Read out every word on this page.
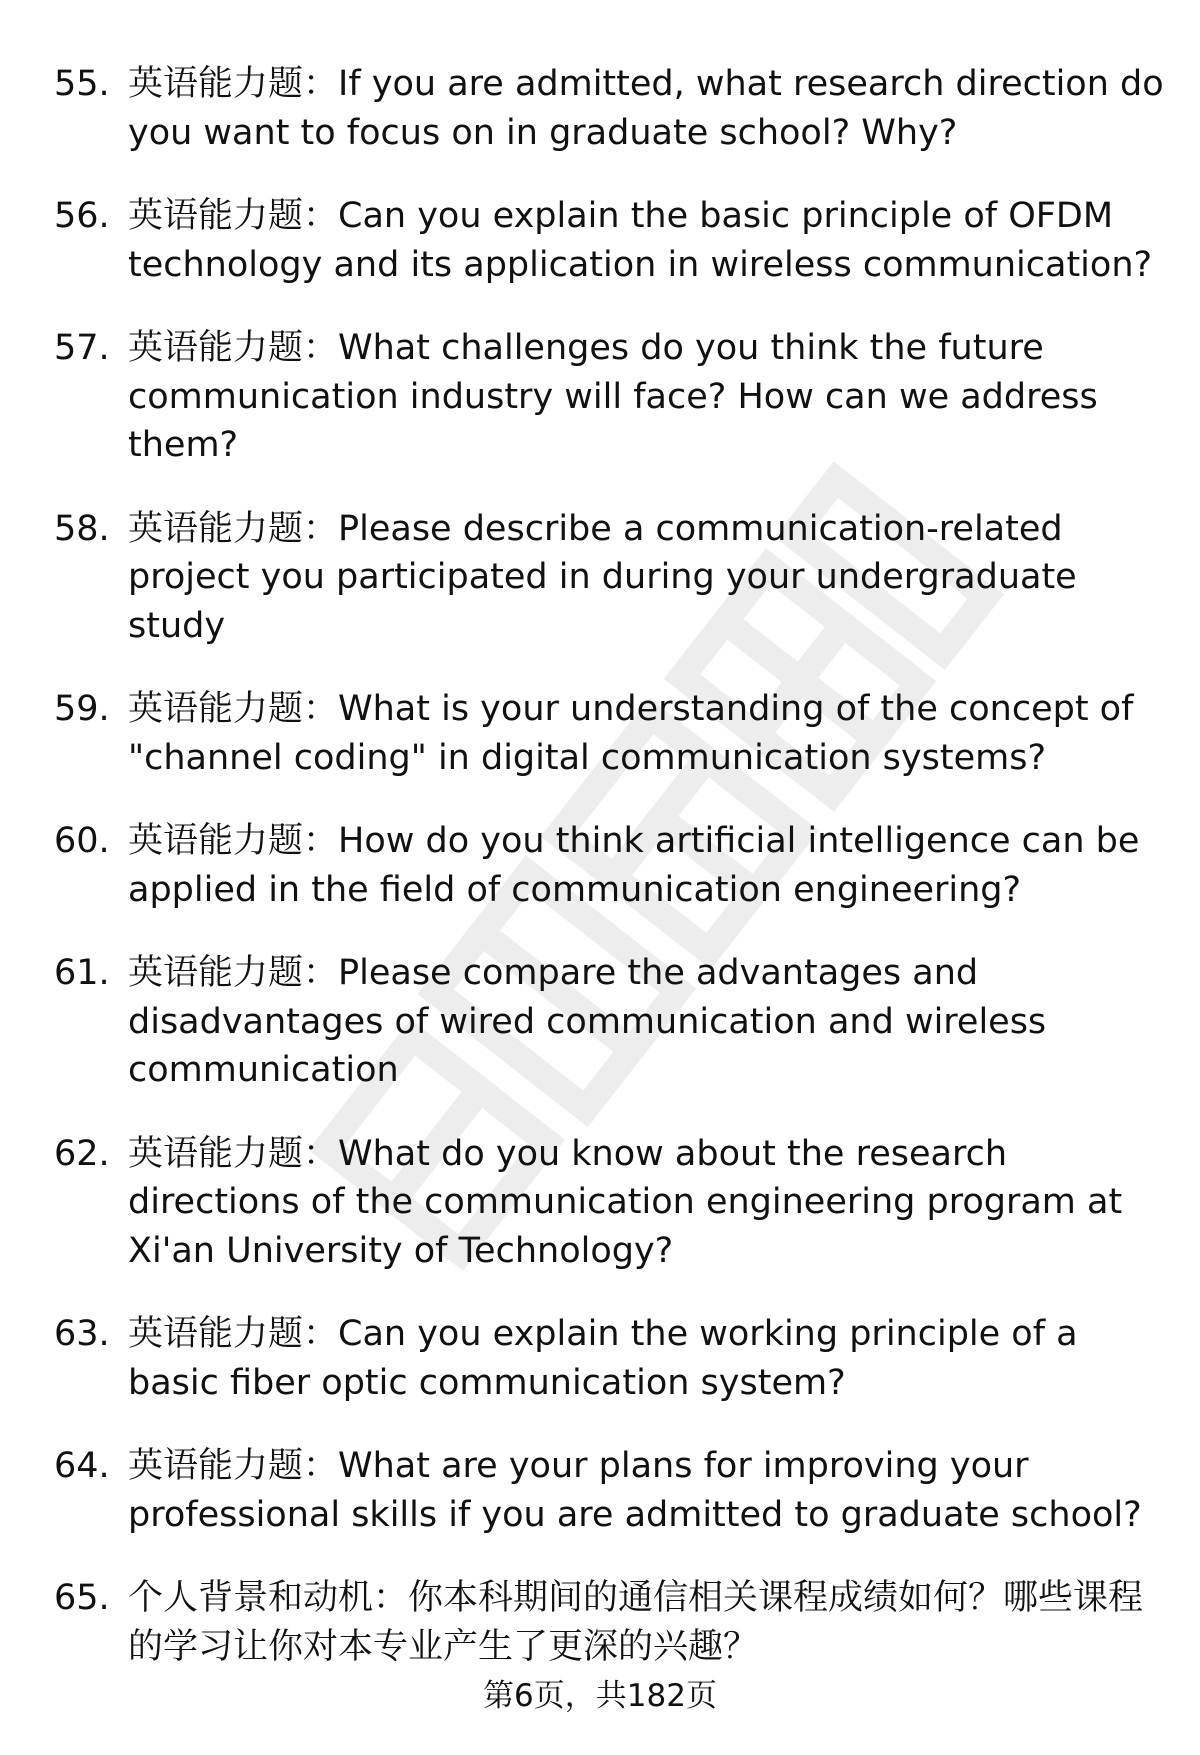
55. 英语能力题：If you are admitted, what research direction do you want to focus on in graduate school? Why?
56. 英语能力题：Can you explain the basic principle of OFDM technology and its application in wireless communication?
57. 英语能力题：What challenges do you think the future communication industry will face? How can we address them?
58. 英语能力题：Please describe a communication-related project you participated in during your undergraduate study
59. 英语能力题：What is your understanding of the concept of "channel coding" in digital communication systems?
60. 英语能力题：How do you think artificial intelligence can be applied in the field of communication engineering?
61. 英语能力题：Please compare the advantages and disadvantages of wired communication and wireless communication
62. 英语能力题：What do you know about the research directions of the communication engineering program at Xi'an University of Technology?
63. 英语能力题：Can you explain the working principle of a basic fiber optic communication system?
64. 英语能力题：What are your plans for improving your professional skills if you are admitted to graduate school?
65. 个人背景和动机：你本科期间的通信相关课程成绩如何？哪些课程的学习让你对本专业产生了更深的兴趣？
第6页，共182页
